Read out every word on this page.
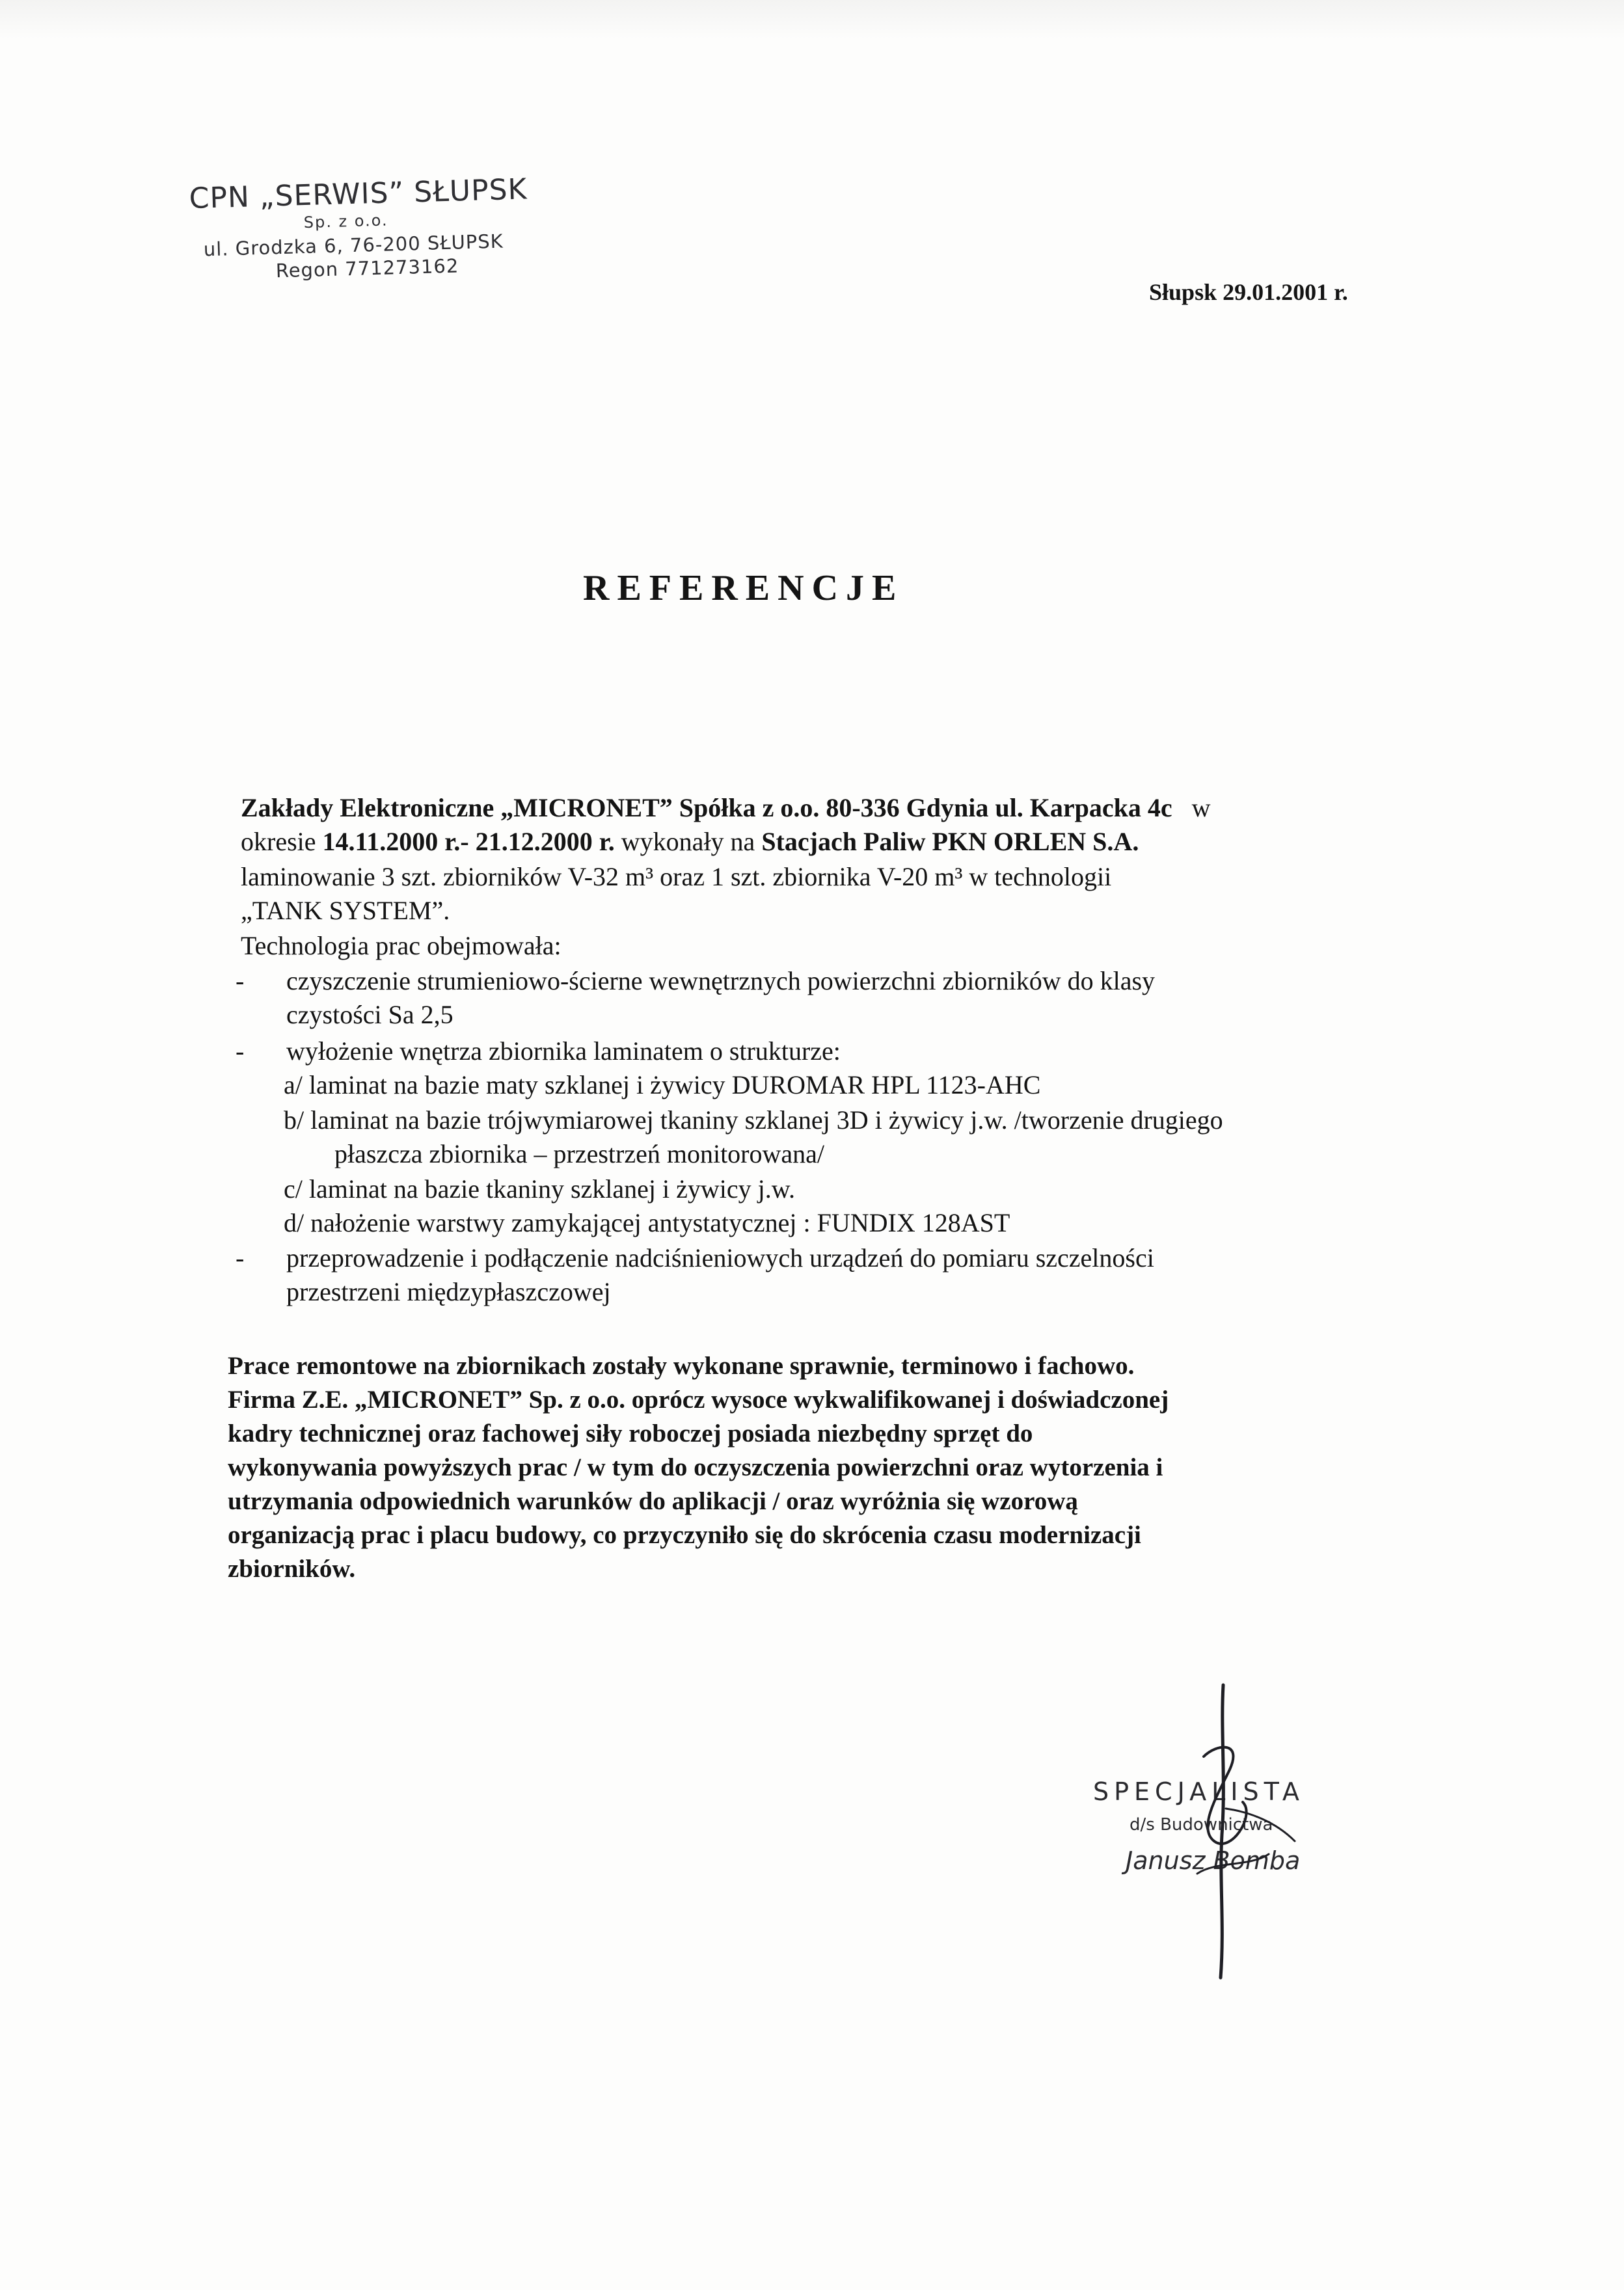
CPN „SERWIS” SŁUPSK
Sp. z o.o.
ul. Grodzka 6, 76-200 SŁUPSK
Regon 771273162
Słupsk 29.01.2001 r.
REFERENCJE
Zakłady Elektroniczne „MICRONET” Spółka z o.o. 80-336 Gdynia ul. Karpacka 4c w
okresie 14.11.2000 r.- 21.12.2000 r. wykonały na Stacjach Paliw PKN ORLEN S.A.
laminowanie 3 szt. zbiorników V-32 m³ oraz 1 szt. zbiornika V-20 m³ w technologii
„TANK SYSTEM”.
Technologia prac obejmowała:
- czyszczenie strumieniowo-ścierne wewnętrznych powierzchni zbiorników do klasy
czystości Sa 2,5
- wyłożenie wnętrza zbiornika laminatem o strukturze:
a/ laminat na bazie maty szklanej i żywicy DUROMAR HPL 1123-AHC
b/ laminat na bazie trójwymiarowej tkaniny szklanej 3D i żywicy j.w. /tworzenie drugiego
płaszcza zbiornika – przestrzeń monitorowana/
c/ laminat na bazie tkaniny szklanej i żywicy j.w.
d/ nałożenie warstwy zamykającej antystatycznej : FUNDIX 128AST
- przeprowadzenie i podłączenie nadciśnieniowych urządzeń do pomiaru szczelności
przestrzeni międzypłaszczowej
Prace remontowe na zbiornikach zostały wykonane sprawnie, terminowo i fachowo.
Firma Z.E. „MICRONET” Sp. z o.o. oprócz wysoce wykwalifikowanej i doświadczonej
kadry technicznej oraz fachowej siły roboczej posiada niezbędny sprzęt do
wykonywania powyższych prac / w tym do oczyszczenia powierzchni oraz wytorzenia i
utrzymania odpowiednich warunków do aplikacji / oraz wyróżnia się wzorową
organizacją prac i placu budowy, co przyczyniło się do skrócenia czasu modernizacji
zbiorników.
SPECJALISTA
d/s Budownictwa
Janusz Bomba
